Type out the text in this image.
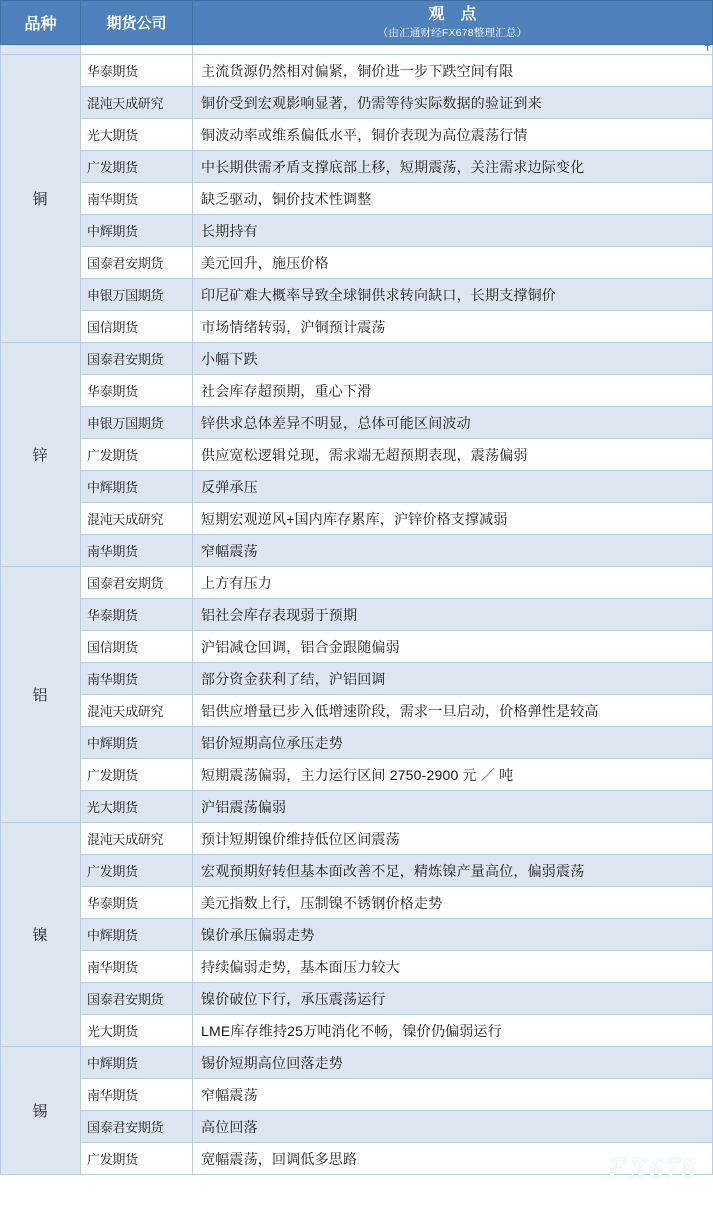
品种	期货公司	观　点
（由汇通财经FX678整理汇总）

		T

铜	华泰期货	主流货源仍然相对偏紧，铜价进一步下跌空间有限
	混沌天成研究	铜价受到宏观影响显著，仍需等待实际数据的验证到来
	光大期货	铜波动率或维系偏低水平，铜价表现为高位震荡行情
	广发期货	中长期供需矛盾支撑底部上移，短期震荡，关注需求边际变化
	南华期货	缺乏驱动，铜价技术性调整
	中辉期货	长期持有
	国泰君安期货	美元回升，施压价格
	申银万国期货	印尼矿难大概率导致全球铜供求转向缺口，长期支撑铜价
	国信期货	市场情绪转弱，沪铜预计震荡
锌	国泰君安期货	小幅下跌
	华泰期货	社会库存超预期，重心下滑
	申银万国期货	锌供求总体差异不明显，总体可能区间波动
	广发期货	供应宽松逻辑兑现，需求端无超预期表现，震荡偏弱
	中辉期货	反弹承压
	混沌天成研究	短期宏观逆风+国内库存累库，沪锌价格支撑减弱
	南华期货	窄幅震荡
铝	国泰君安期货	上方有压力
	华泰期货	铝社会库存表现弱于预期
	国信期货	沪铝减仓回调，铝合金跟随偏弱
	南华期货	部分资金获利了结，沪铝回调
	混沌天成研究	铝供应增量已步入低增速阶段，需求一旦启动，价格弹性是较高
	中辉期货	铝价短期高位承压走势
	广发期货	短期震荡偏弱，主力运行区间 2750-2900 元 ／ 吨
	光大期货	沪铝震荡偏弱
镍	混沌天成研究	预计短期镍价维持低位区间震荡
	广发期货	宏观预期好转但基本面改善不足，精炼镍产量高位，偏弱震荡
	华泰期货	美元指数上行，压制镍不锈钢价格走势
	中辉期货	镍价承压偏弱走势
	南华期货	持续偏弱走势，基本面压力较大
	国泰君安期货	镍价破位下行，承压震荡运行
	光大期货	LME库存维持25万吨消化不畅，镍价仍偏弱运行
锡	中辉期货	锡价短期高位回落走势
	南华期货	窄幅震荡
	国泰君安期货	高位回落
	广发期货	宽幅震荡，回调低多思路	FX678
